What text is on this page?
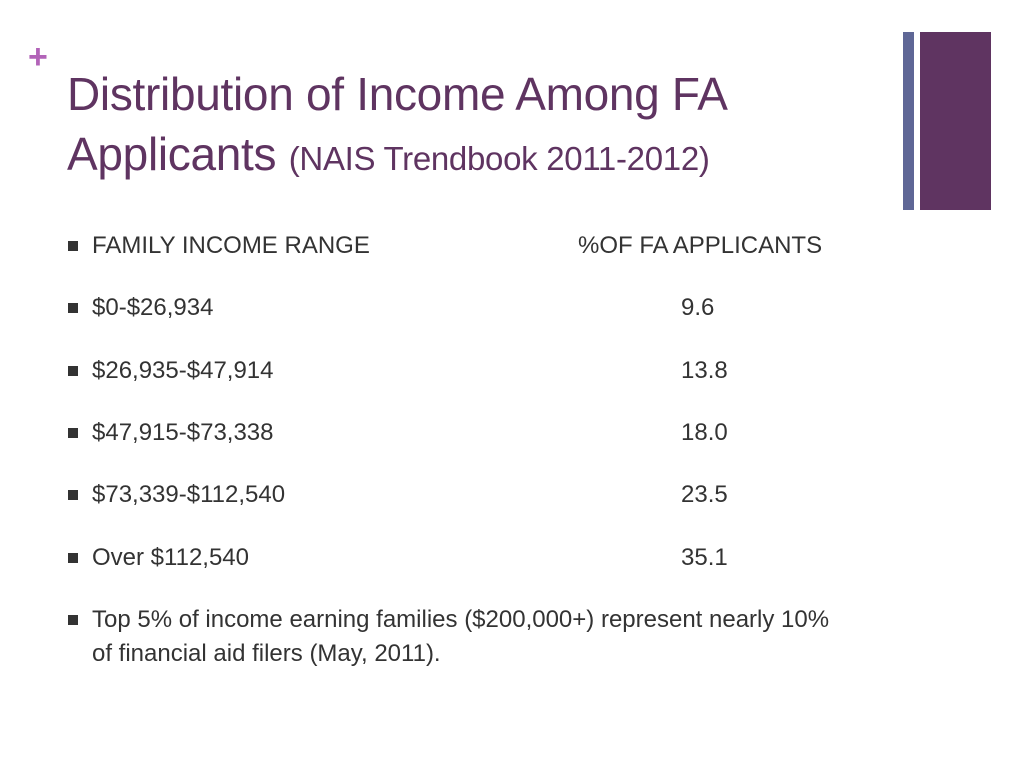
+
Distribution of Income Among FA Applicants (NAIS Trendbook 2011-2012)
FAMILY INCOME RANGE	%OF FA APPLICANTS
$0-$26,934	9.6
$26,935-$47,914	13.8
$47,915-$73,338	18.0
$73,339-$112,540	23.5
Over $112,540	35.1
Top 5% of income earning families ($200,000+) represent nearly 10% of financial aid filers (May, 2011).
